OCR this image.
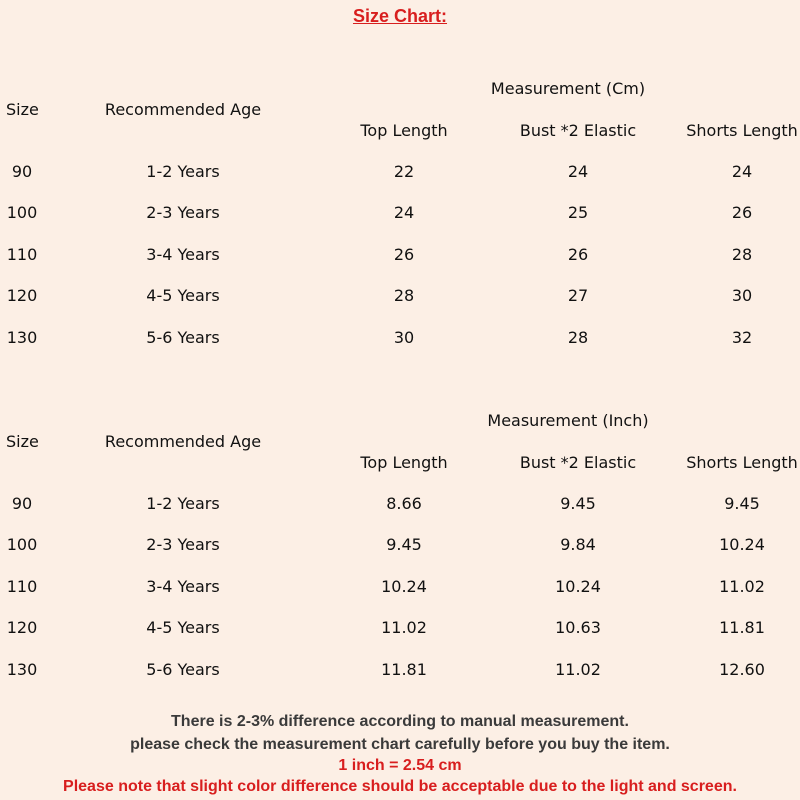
Size Chart:
Measurement (Cm)
Size	Recommended Age
Top Length	Bust *2 Elastic	Shorts Length
90	1-2 Years	22	24	24
100	2-3 Years	24	25	26
110	3-4 Years	26	26	28
120	4-5 Years	28	27	30
130	5-6 Years	30	28	32
Measurement (Inch)
Size	Recommended Age
Top Length	Bust *2 Elastic	Shorts Length
90	1-2 Years	8.66	9.45	9.45
100	2-3 Years	9.45	9.84	10.24
110	3-4 Years	10.24	10.24	11.02
120	4-5 Years	11.02	10.63	11.81
130	5-6 Years	11.81	11.02	12.60
There is 2-3% difference according to manual measurement.
please check the measurement chart carefully before you buy the item.
1 inch = 2.54 cm
Please note that slight color difference should be acceptable due to the light and screen.
